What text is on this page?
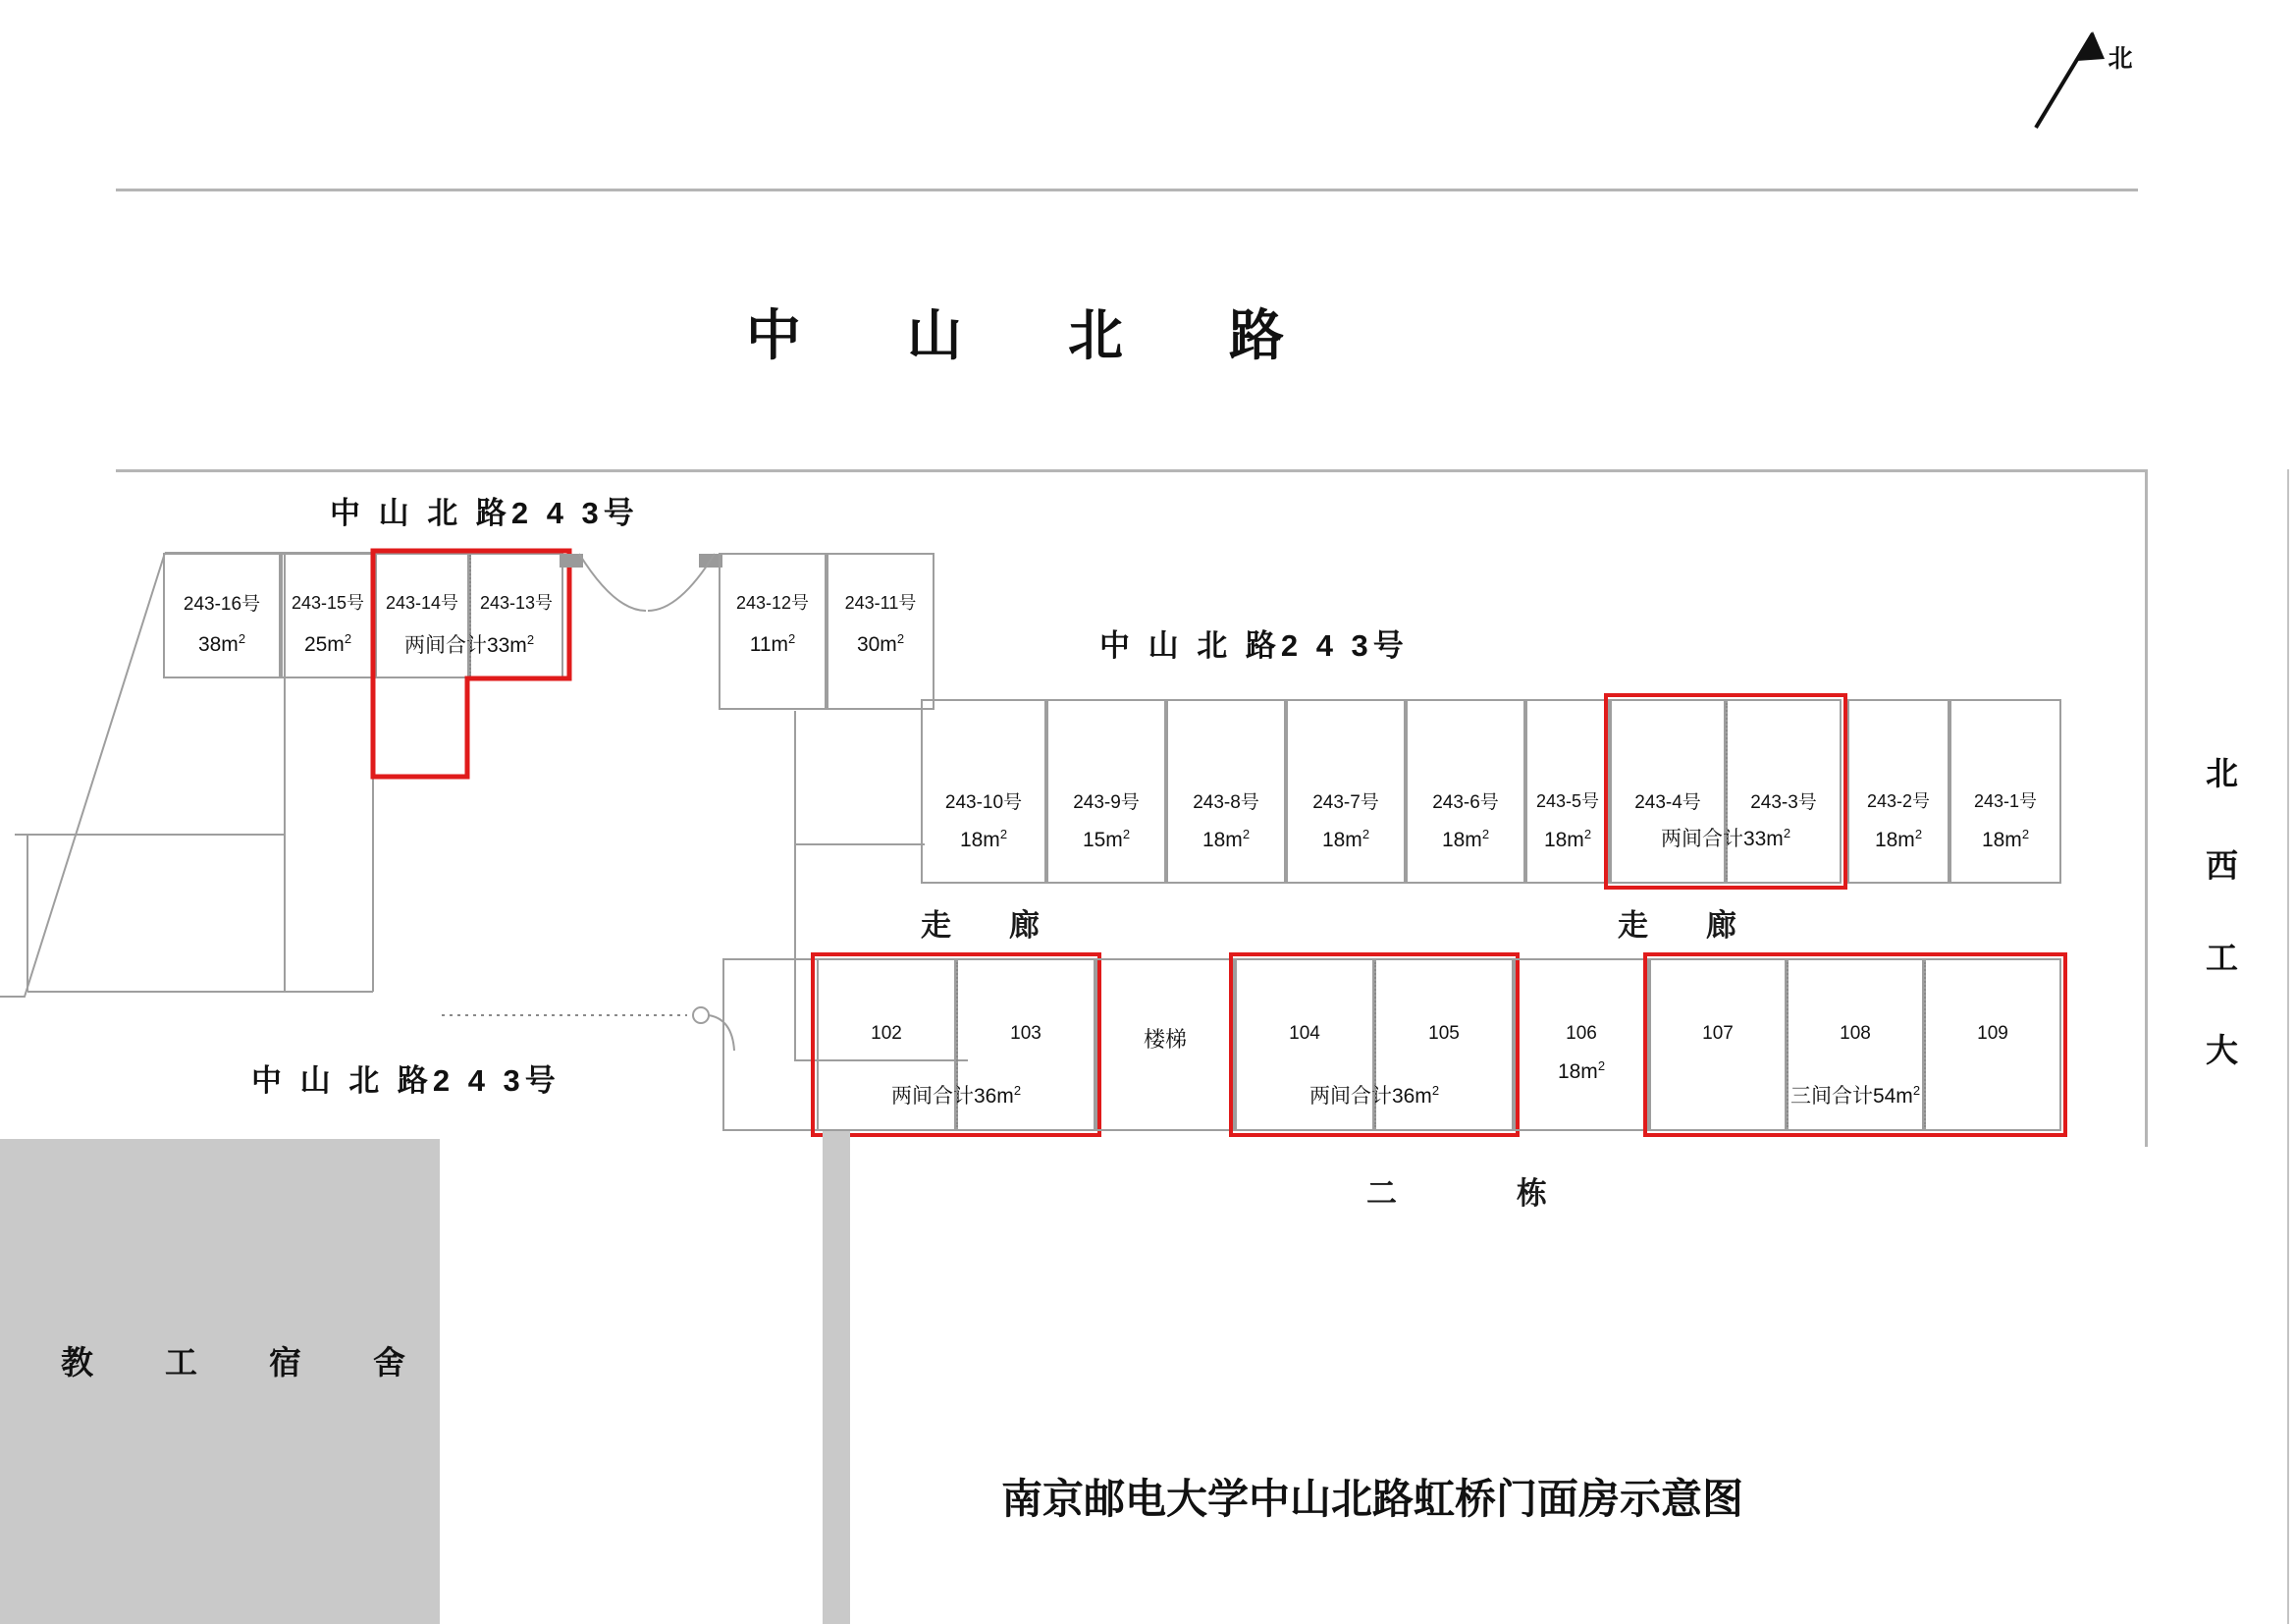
北
中　山　北　路
北　西　工　大
中 山 北 路2 4 3号
中 山 北 路2 4 3号
中 山 北 路2 4 3号
243-16号
$38m^2$
243-15号
$25m^2$
243-14号	243-13号
两间合计$33m^2$
243-12号
$11m^2$
243-11号
$30m^2$
243-10号
$18m^2$
243-9号
$15m^2$
243-8号
$18m^2$
243-7号
$18m^2$
243-6号
$18m^2$
243-5号
$18m^2$
243-4号	243-3号
两间合计$33m^2$
243-2号
$18m^2$
243-1号
$18m^2$
走　廊	走　廊
102	103
两间合计$36m^2$
楼梯	104	105
两间合计$36m^2$
106
$18m^2$
107	108	109
三间合计$54m^2$
二　　栋
教　工　宿　舍
南京邮电大学中山北路虹桥门面房示意图
